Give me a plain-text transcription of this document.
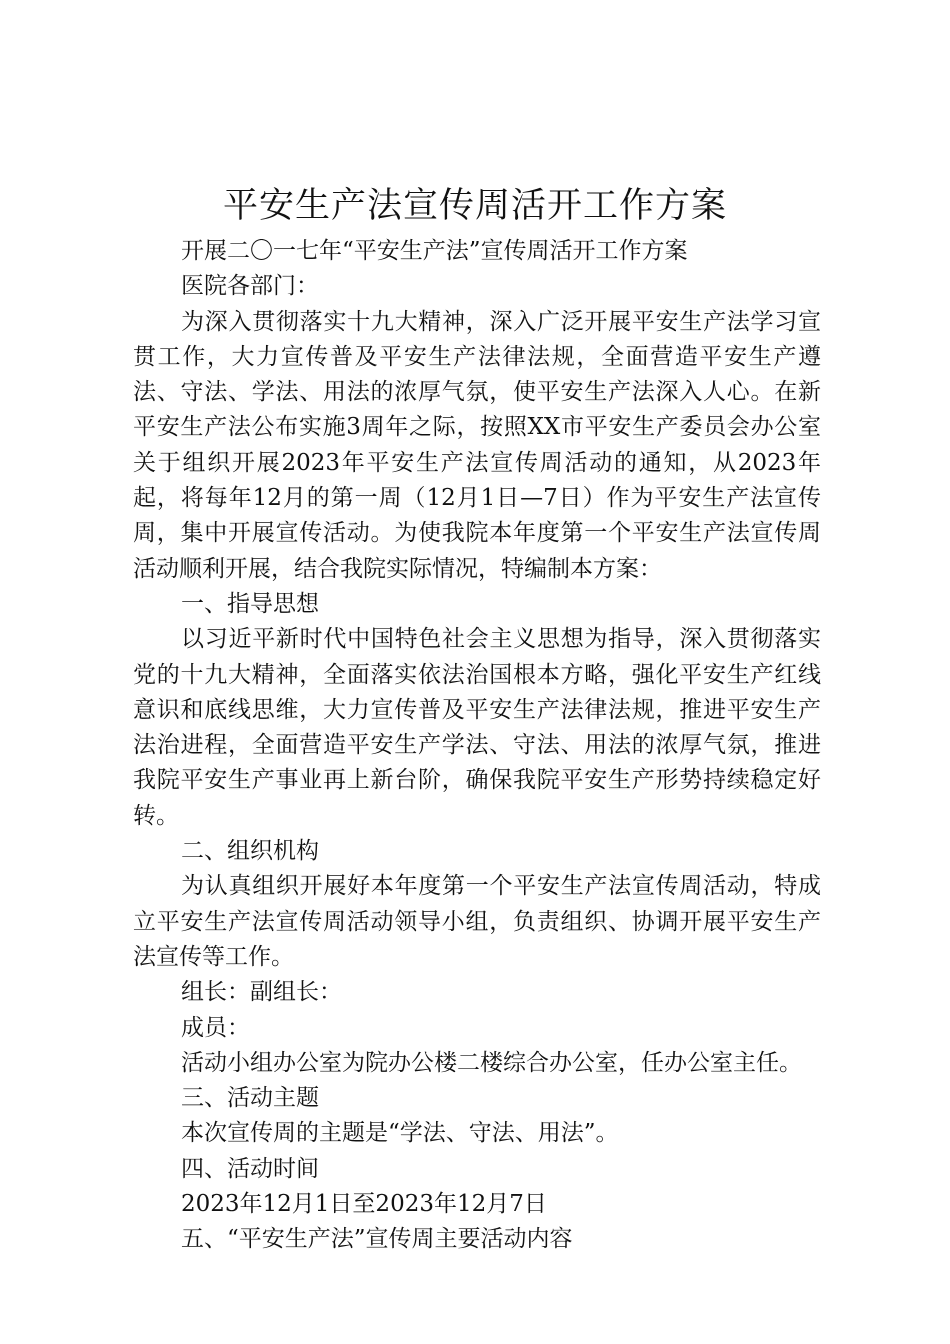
平安生产法宣传周活开工作方案

开展二〇一七年“平安生产法”宣传周活开工作方案

医院各部门：

为深入贯彻落实十九大精神，深入广泛开展平安生产法学习宣贯工作，大力宣传普及平安生产法律法规，全面营造平安生产遵法、守法、学法、用法的浓厚气氛，使平安生产法深入人心。在新平安生产法公布实施3周年之际，按照XX市平安生产委员会办公室关于组织开展2023年平安生产法宣传周活动的通知，从2023年起，将每年12月的第一周（12月1日—7日）作为平安生产法宣传周，集中开展宣传活动。为使我院本年度第一个平安生产法宣传周活动顺利开展，结合我院实际情况，特编制本方案：

一、指导思想

以习近平新时代中国特色社会主义思想为指导，深入贯彻落实党的十九大精神，全面落实依法治国根本方略，强化平安生产红线意识和底线思维，大力宣传普及平安生产法律法规，推进平安生产法治进程，全面营造平安生产学法、守法、用法的浓厚气氛，推进我院平安生产事业再上新台阶，确保我院平安生产形势持续稳定好转。

二、组织机构

为认真组织开展好本年度第一个平安生产法宣传周活动，特成立平安生产法宣传周活动领导小组，负责组织、协调开展平安生产法宣传等工作。

组长：副组长：

成员：

活动小组办公室为院办公楼二楼综合办公室，任办公室主任。

三、活动主题

本次宣传周的主题是“学法、守法、用法”。

四、活动时间

2023年12月1日至2023年12月7日

五、“平安生产法”宣传周主要活动内容
